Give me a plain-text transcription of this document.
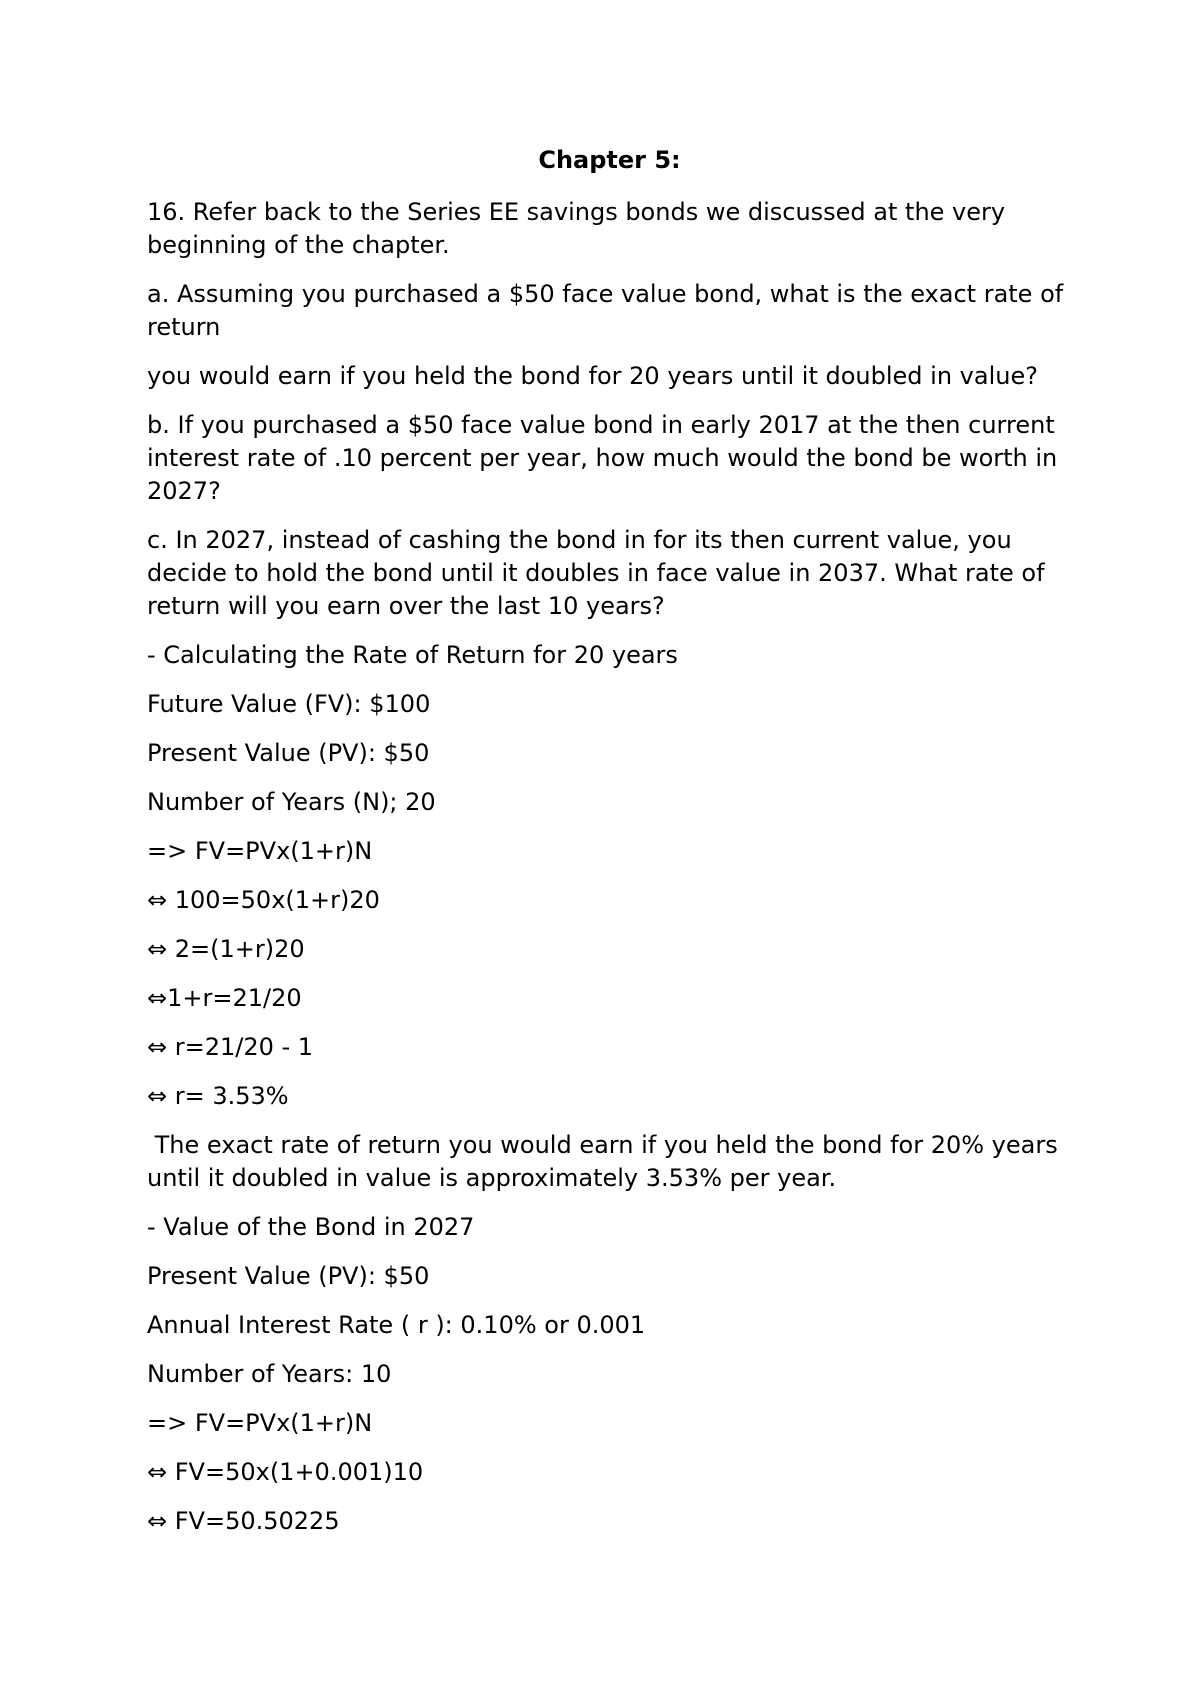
Chapter 5:

16. Refer back to the Series EE savings bonds we discussed at the very beginning of the chapter.

a. Assuming you purchased a $50 face value bond, what is the exact rate of return

you would earn if you held the bond for 20 years until it doubled in value?

b. If you purchased a $50 face value bond in early 2017 at the then current interest rate of .10 percent per year, how much would the bond be worth in 2027?

c. In 2027, instead of cashing the bond in for its then current value, you decide to hold the bond until it doubles in face value in 2037. What rate of return will you earn over the last 10 years?

- Calculating the Rate of Return for 20 years

Future Value (FV): $100

Present Value (PV): $50

Number of Years (N); 20

=> FV=PVx(1+r)N

⇔ 100=50x(1+r)20

⇔ 2=(1+r)20

⇔1+r=21/20

⇔ r=21/20 - 1

⇔ r= 3.53%

The exact rate of return you would earn if you held the bond for 20% years until it doubled in value is approximately 3.53% per year.

- Value of the Bond in 2027

Present Value (PV): $50

Annual Interest Rate ( r ): 0.10% or 0.001

Number of Years: 10

=> FV=PVx(1+r)N

⇔ FV=50x(1+0.001)10

⇔ FV=50.50225
